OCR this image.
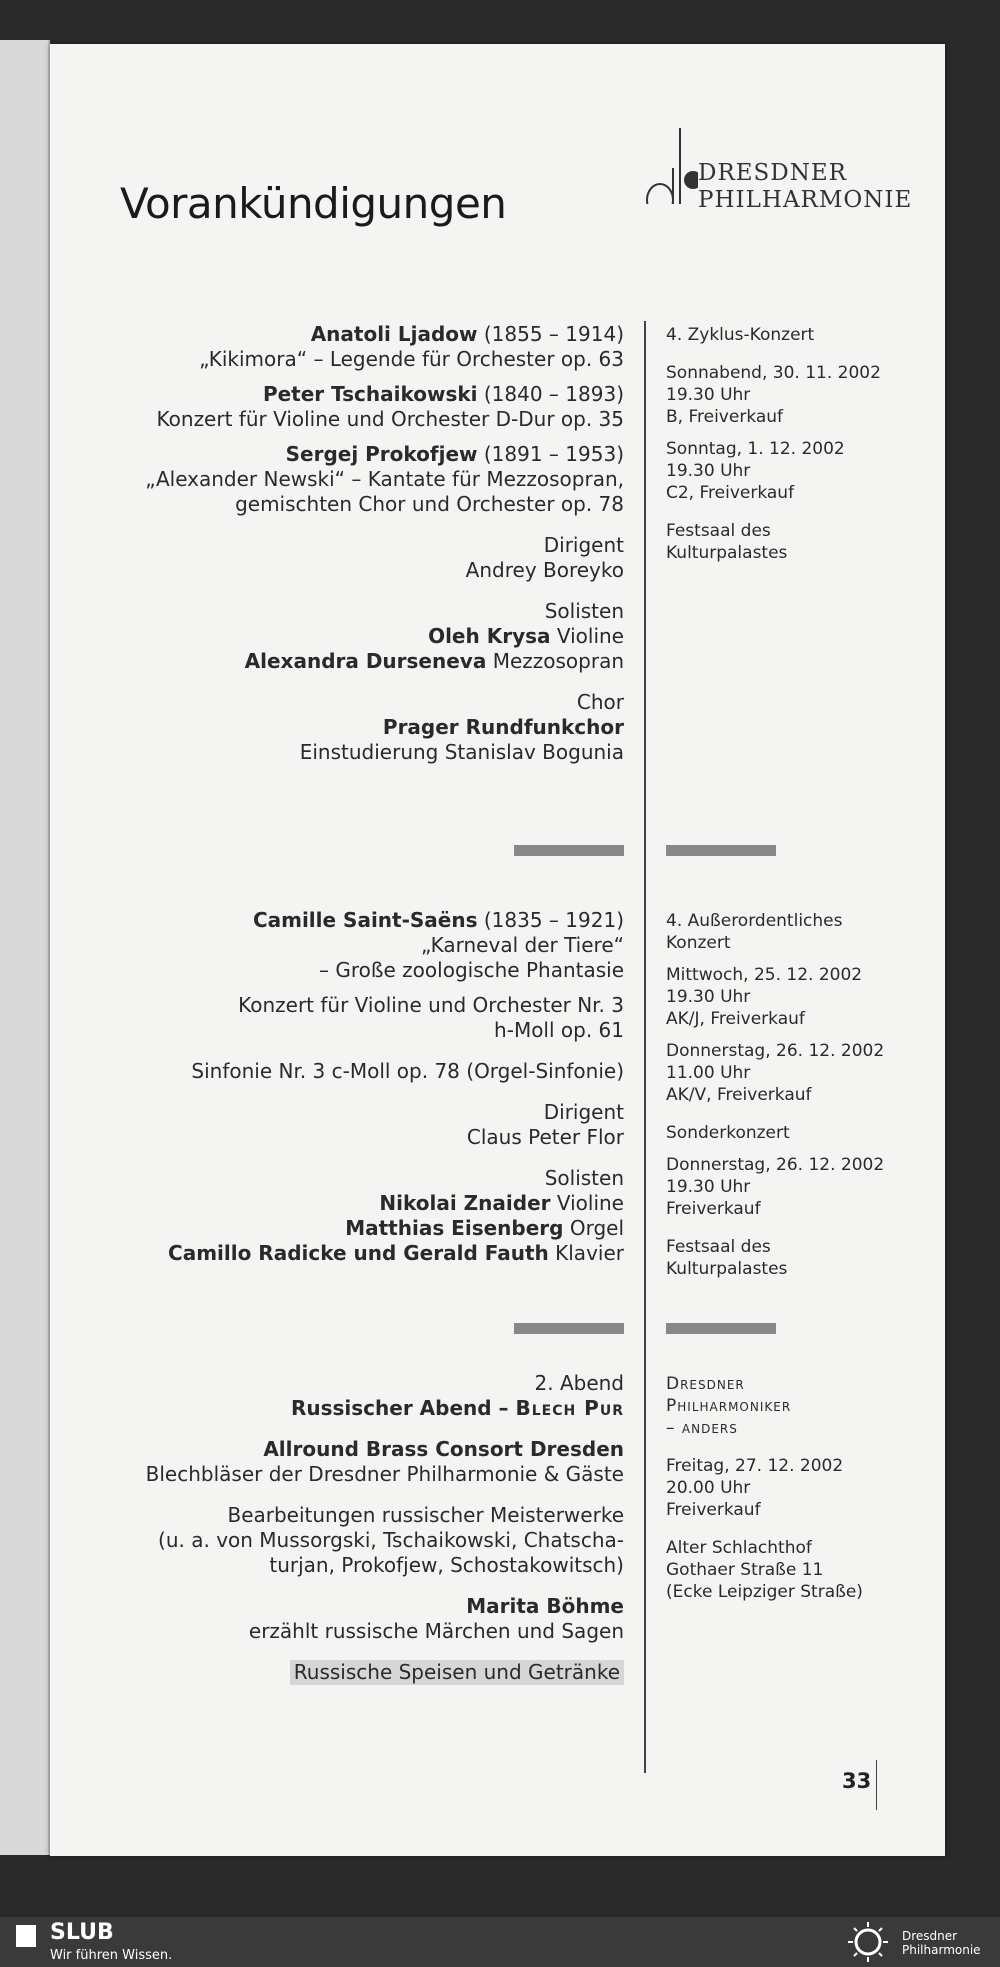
Vorankündigungen
DRESDNER
PHILHARMONIE
Anatoli Ljadow (1855 – 1914)
„Kikimora“ – Legende für Orchester op. 63
Peter Tschaikowski (1840 – 1893)
Konzert für Violine und Orchester D-Dur op. 35
Sergej Prokofjew (1891 – 1953)
„Alexander Newski“ – Kantate für Mezzosopran,
gemischten Chor und Orchester op. 78
Dirigent
Andrey Boreyko
Solisten
Oleh Krysa Violine
Alexandra Durseneva Mezzosopran
Chor
Prager Rundfunkchor
Einstudierung Stanislav Bogunia
4. Zyklus-Konzert
Sonnabend, 30. 11. 2002
19.30 Uhr
B, Freiverkauf
Sonntag, 1. 12. 2002
19.30 Uhr
C2, Freiverkauf
Festsaal des
Kulturpalastes
Camille Saint-Saëns (1835 – 1921)
„Karneval der Tiere“
– Große zoologische Phantasie
Konzert für Violine und Orchester Nr. 3
h-Moll op. 61
Sinfonie Nr. 3 c-Moll op. 78 (Orgel-Sinfonie)
Dirigent
Claus Peter Flor
Solisten
Nikolai Znaider Violine
Matthias Eisenberg Orgel
Camillo Radicke und Gerald Fauth Klavier
4. Außerordentliches
Konzert
Mittwoch, 25. 12. 2002
19.30 Uhr
AK/J, Freiverkauf
Donnerstag, 26. 12. 2002
11.00 Uhr
AK/V, Freiverkauf
Sonderkonzert
Donnerstag, 26. 12. 2002
19.30 Uhr
Freiverkauf
Festsaal des
Kulturpalastes
2. Abend
Russischer Abend – Blech Pur
Allround Brass Consort Dresden
Blechbläser der Dresdner Philharmonie & Gäste
Bearbeitungen russischer Meisterwerke
(u. a. von Mussorgski, Tschaikowski, Chatscha-
turjan, Prokofjew, Schostakowitsch)
Marita Böhme
erzählt russische Märchen und Sagen
Russische Speisen und Getränke
Dresdner
Philharmoniker
– anders
Freitag, 27. 12. 2002
20.00 Uhr
Freiverkauf
Alter Schlachthof
Gothaer Straße 11
(Ecke Leipziger Straße)
33
SLUB
Wir führen Wissen.
Dresdner
Philharmonie
